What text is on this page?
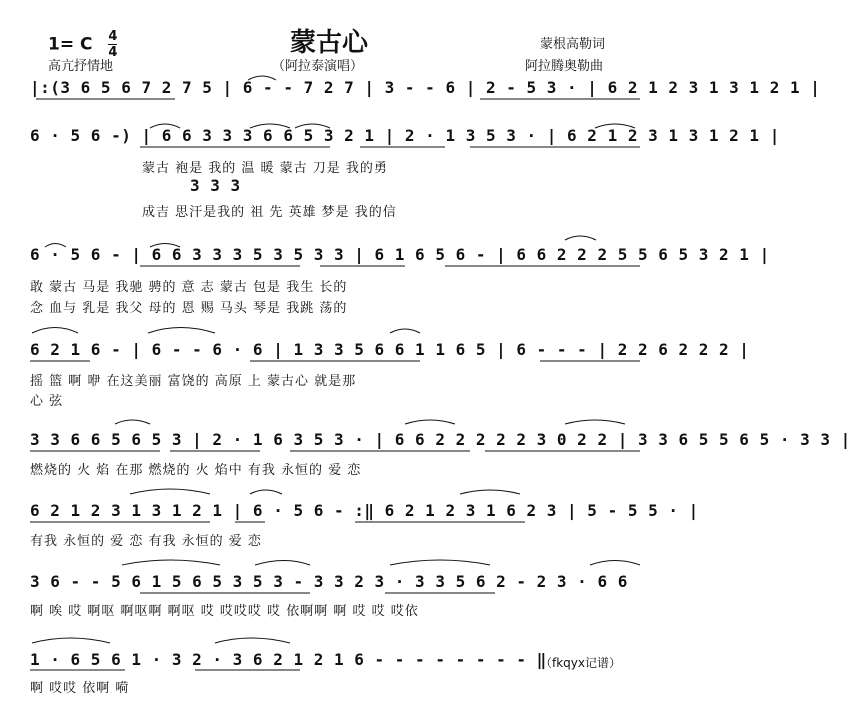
1= C $\frac{4}{4}$	蒙古心	蒙根高勒词
高亢抒情地	（阿拉泰演唱）	阿拉腾奥勒曲
|:(3 6 5 6 7 2 7 5 | 6 - - 7 2 7 | 3 - - 6 | 2 - 5 3 · | 6 2 1 2 3 1 3 1 2 1 |
6 · 5 6 -) | 6 6 3 3 3 6 6 5 3 2 1 | 2 · 1 3 5 3 · | 6 2 1 2 3 1 3 1 2 1 |
蒙古 袍是 我的 温 暖 蒙古 刀是 我的勇
3 3 3
成吉 思汗是我的 祖 先 英雄 梦是 我的信
6 · 5 6 - | 6 6 3 3 3 5 3 5 3 3 | 6 1 6 5 6 - | 6 6 2 2 2 5 5 6 5 3 2 1 |
敢 蒙古 马是 我驰 骋的 意 志 蒙古 包是 我生 长的
念 血与 乳是 我父 母的 恩 赐 马头 琴是 我跳 荡的
6 2 1 6 - | 6 - - 6 · 6 | 1 3 3 5 6 6 1 1 6 5 | 6 - - - | 2 2 6 2 2 2 |
摇 篮 啊 咿 在这美丽 富饶的 高原 上 蒙古心 就是那
心 弦
3 3 6 6 5 6 5 3 | 2 · 1 6 3 5 3 · | 6 6 2 2 2 2 2 3 0 2 2 | 3 3 6 5 5 6 5 · 3 3 |
燃烧的 火 焰 在那 燃烧的 火 焰中 有我 永恒的 爱 恋
6 2 1 2 3 1 3 1 2 1 | 6 · 5 6 - :‖ 6 2 1 2 3 1 6 2 3 | 5 - 5 5 · |
有我 永恒的 爱 恋 有我 永恒的 爱 恋
3 6 - - 5 6 1 5 6 5 3 5 3 - 3 3 2 3 · 3 3 5 6 2 - 2 3 · 6 6
啊 唉 哎 啊呕 啊呕啊 啊呕 哎 哎哎哎 哎 依啊啊 啊 哎 哎 哎依
1 · 6 5 6 1 · 3 2 · 3 6 2 1 2 1 6 - - - - - - - - ‖
啊 哎哎 依啊 嗬
（fkqyx记谱）
